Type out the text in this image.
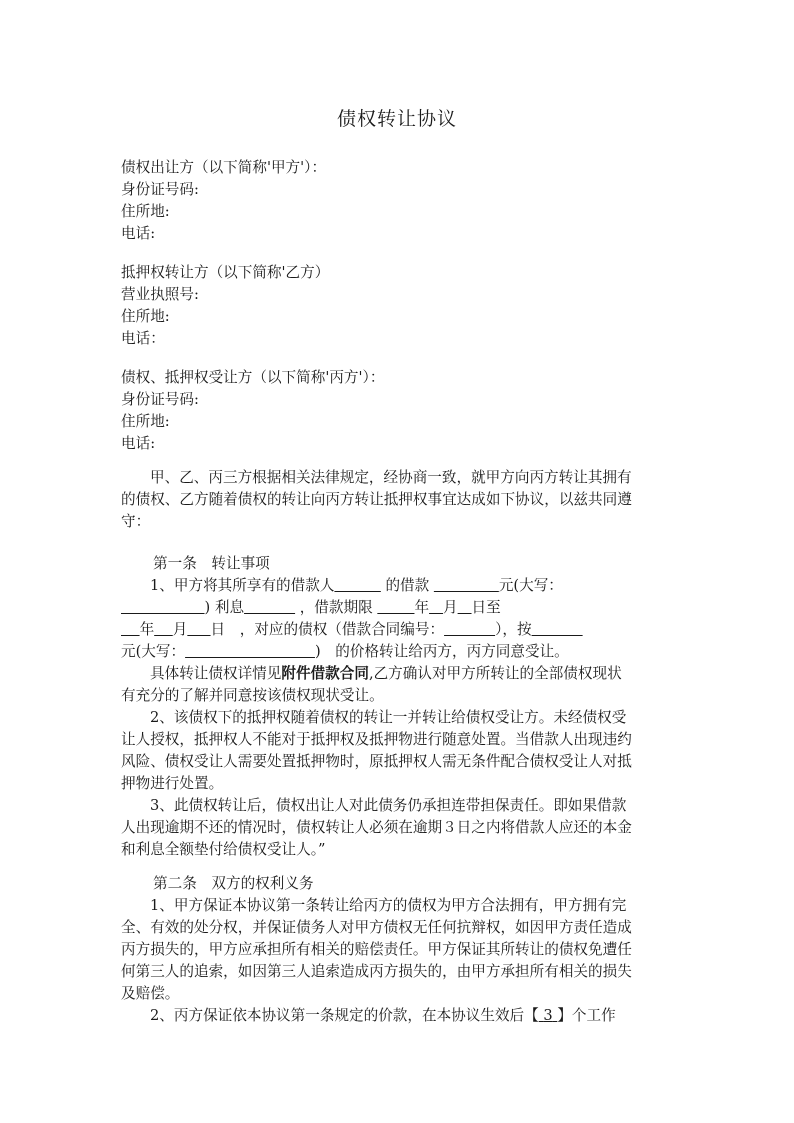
债权转让协议
债权出让方（以下简称'甲方'）：
身份证号码:
住所地:
电话:
抵押权转让方（以下简称'乙方）
营业执照号:
住所地:
电话：
债权、抵押权受让方（以下简称'丙方'）：
身份证号码:
住所地:
电话:
甲、乙、丙三方根据相关法律规定，经协商一致，就甲方向丙方转让其拥有
的债权、乙方随着债权的转让向丙方转让抵押权事宜达成如下协议，以兹共同遵
守：
第一条　转让事项
1、甲方将其所享有的借款人	的借款	元(大写：
) 利息	，借款期限	年 月 日至
年 月 日　，对应的债权（借款合同编号：	），按
元(大写：	)　的价格转让给丙方，丙方同意受让。
具体转让债权详情见附件借款合同,乙方确认对甲方所转让的全部债权现状
有充分的了解并同意按该债权现状受让。
2、该债权下的抵押权随着债权的转让一并转让给债权受让方。未经债权受
让人授权，抵押权人不能对于抵押权及抵押物进行随意处置。当借款人出现违约
风险、债权受让人需要处置抵押物时，原抵押权人需无条件配合债权受让人对抵
押物进行处置。
3、此债权转让后，债权出让人对此债务仍承担连带担保责任。即如果借款
人出现逾期不还的情况时，债权转让人必须在逾期３日之内将借款人应还的本金
和利息全额垫付给债权受让人。”
第二条　双方的权利义务
1、甲方保证本协议第一条转让给丙方的债权为甲方合法拥有，甲方拥有完
全、有效的处分权，并保证债务人对甲方债权无任何抗辩权，如因甲方责任造成
丙方损失的，甲方应承担所有相关的赔偿责任。甲方保证其所转让的债权免遭任
何第三人的追索，如因第三人追索造成丙方损失的，由甲方承担所有相关的损失
及赔偿。
2、丙方保证依本协议第一条规定的价款，在本协议生效后【 3 】个工作
